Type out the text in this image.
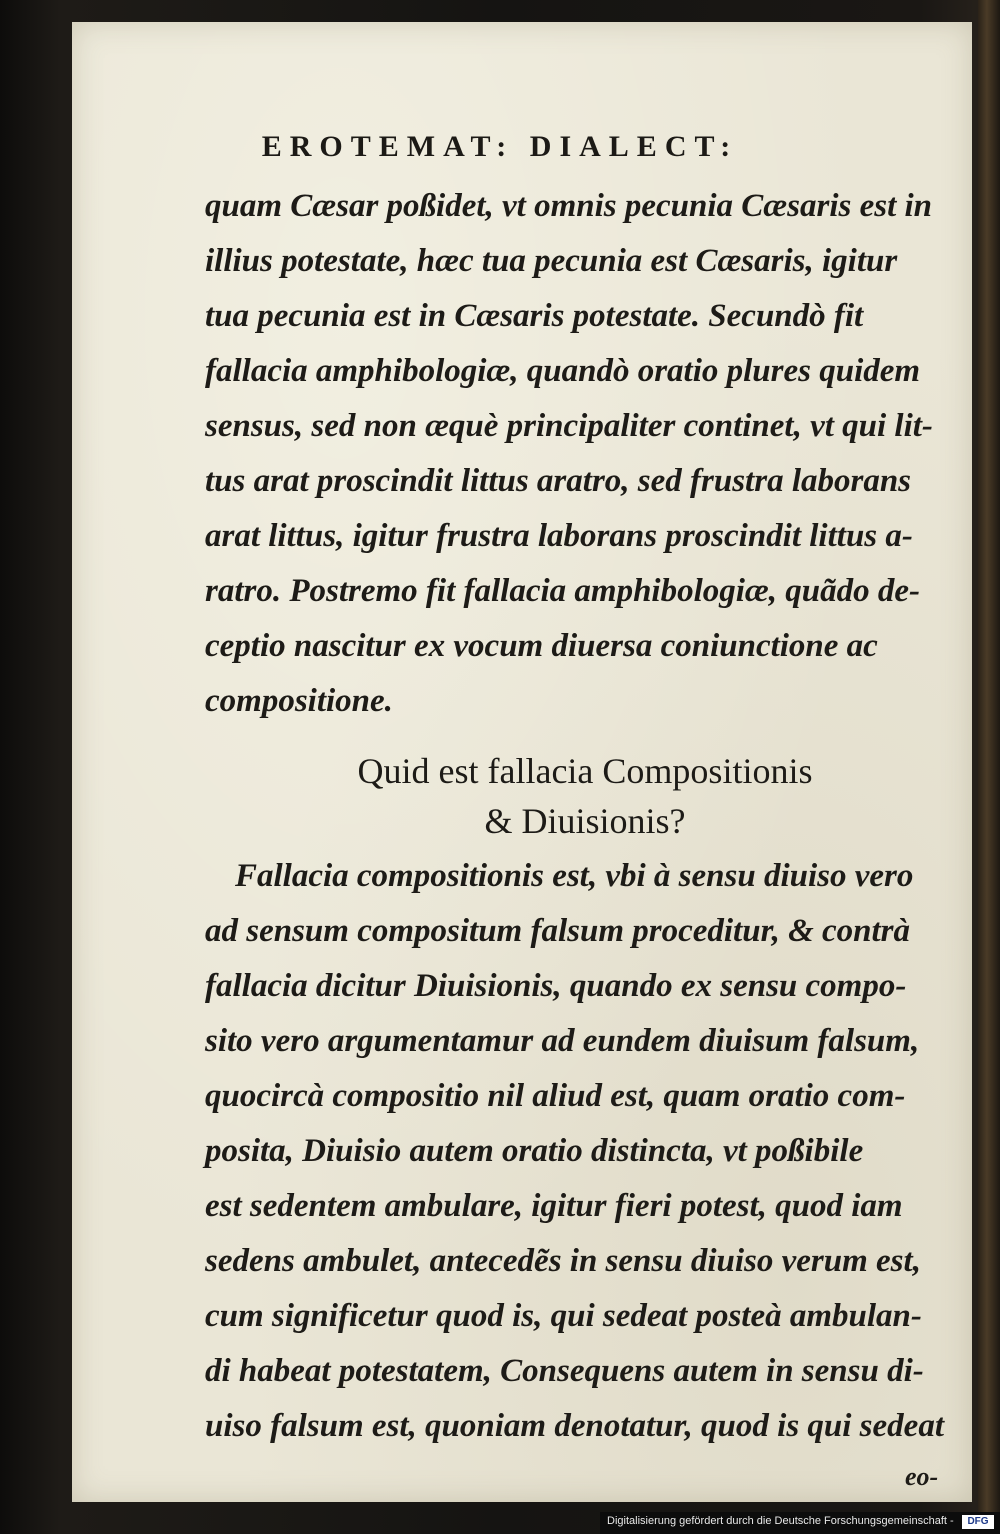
EROTEMAT: DIALECT:
quam Cæsar poßidet, vt omnis pecunia Cæsaris est in
illius potestate, hæc tua pecunia est Cæsaris, igitur
tua pecunia est in Cæsaris potestate. Secundò fit
fallacia amphibologiæ, quandò oratio plures quidem
sensus, sed non æquè principaliter continet, vt qui lit-
tus arat proscindit littus aratro, sed frustra laborans
arat littus, igitur frustra laborans proscindit littus a-
ratro. Postremo fit fallacia amphibologiæ, quãdo de-
ceptio nascitur ex vocum diuersa coniunctione ac
compositione.
Quid est fallacia Compositionis
& Diuisionis?
Fallacia compositionis est, vbi à sensu diuiso vero
ad sensum compositum falsum proceditur, & contrà
fallacia dicitur Diuisionis, quando ex sensu compo-
sito vero argumentamur ad eundem diuisum falsum,
quocircà compositio nil aliud est, quam oratio com-
posita, Diuisio autem oratio distincta, vt poßibile
est sedentem ambulare, igitur fieri potest, quod iam
sedens ambulet, antecedẽs in sensu diuiso verum est,
cum significetur quod is, qui sedeat posteà ambulan-
di habeat potestatem, Consequens autem in sensu di-
uiso falsum est, quoniam denotatur, quod is qui sedeat
eo-
Digitalisierung gefördert durch die Deutsche Forschungsgemeinschaft -	DFG
